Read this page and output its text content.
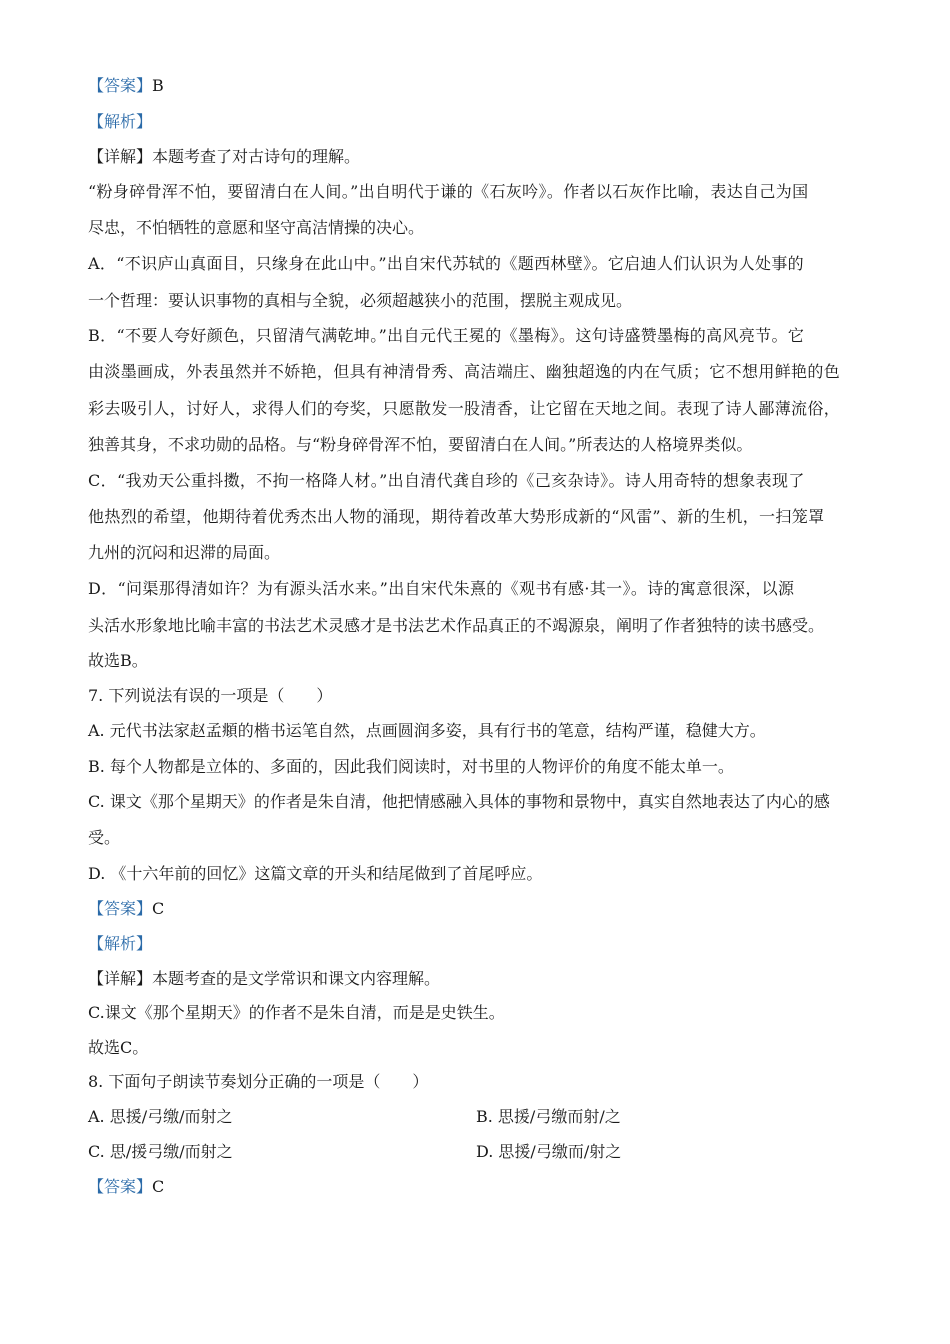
【答案】B
【解析】
【详解】本题考查了对古诗句的理解。
“粉身碎骨浑不怕，要留清白在人间。”出自明代于谦的《石灰吟》。作者以石灰作比喻，表达自己为国
尽忠，不怕牺牲的意愿和坚守高洁情操的决心。
A．“不识庐山真面目，只缘身在此山中。”出自宋代苏轼的《题西林壁》。它启迪人们认识为人处事的
一个哲理：要认识事物的真相与全貌，必须超越狭小的范围，摆脱主观成见。
B．“不要人夸好颜色，只留清气满乾坤。”出自元代王冕的《墨梅》。这句诗盛赞墨梅的高风亮节。它
由淡墨画成，外表虽然并不娇艳，但具有神清骨秀、高洁端庄、幽独超逸的内在气质；它不想用鲜艳的色
彩去吸引人，讨好人，求得人们的夸奖，只愿散发一股清香，让它留在天地之间。表现了诗人鄙薄流俗，
独善其身，不求功勋的品格。与“粉身碎骨浑不怕，要留清白在人间。”所表达的人格境界类似。
C．“我劝天公重抖擞，不拘一格降人材。”出自清代龚自珍的《己亥杂诗》。诗人用奇特的想象表现了
他热烈的希望，他期待着优秀杰出人物的涌现，期待着改革大势形成新的“风雷”、新的生机，一扫笼罩
九州的沉闷和迟滞的局面。
D．“问渠那得清如许？为有源头活水来。”出自宋代朱熹的《观书有感·其一》。诗的寓意很深，以源
头活水形象地比喻丰富的书法艺术灵感才是书法艺术作品真正的不竭源泉，阐明了作者独特的读书感受。
故选B。
7. 下列说法有误的一项是（　　）
A. 元代书法家赵孟頫的楷书运笔自然，点画圆润多姿，具有行书的笔意，结构严谨，稳健大方。
B. 每个人物都是立体的、多面的，因此我们阅读时，对书里的人物评价的角度不能太单一。
C. 课文《那个星期天》的作者是朱自清，他把情感融入具体的事物和景物中，真实自然地表达了内心的感
受。
D. 《十六年前的回忆》这篇文章的开头和结尾做到了首尾呼应。
【答案】C
【解析】
【详解】本题考查的是文学常识和课文内容理解。
C.课文《那个星期天》的作者不是朱自清，而是是史铁生。
故选C。
8. 下面句子朗读节奏划分正确的一项是（　　）
A. 思援/弓缴/而射之	B. 思援/弓缴而射/之
C. 思/援弓缴/而射之	D. 思援/弓缴而/射之
【答案】C
